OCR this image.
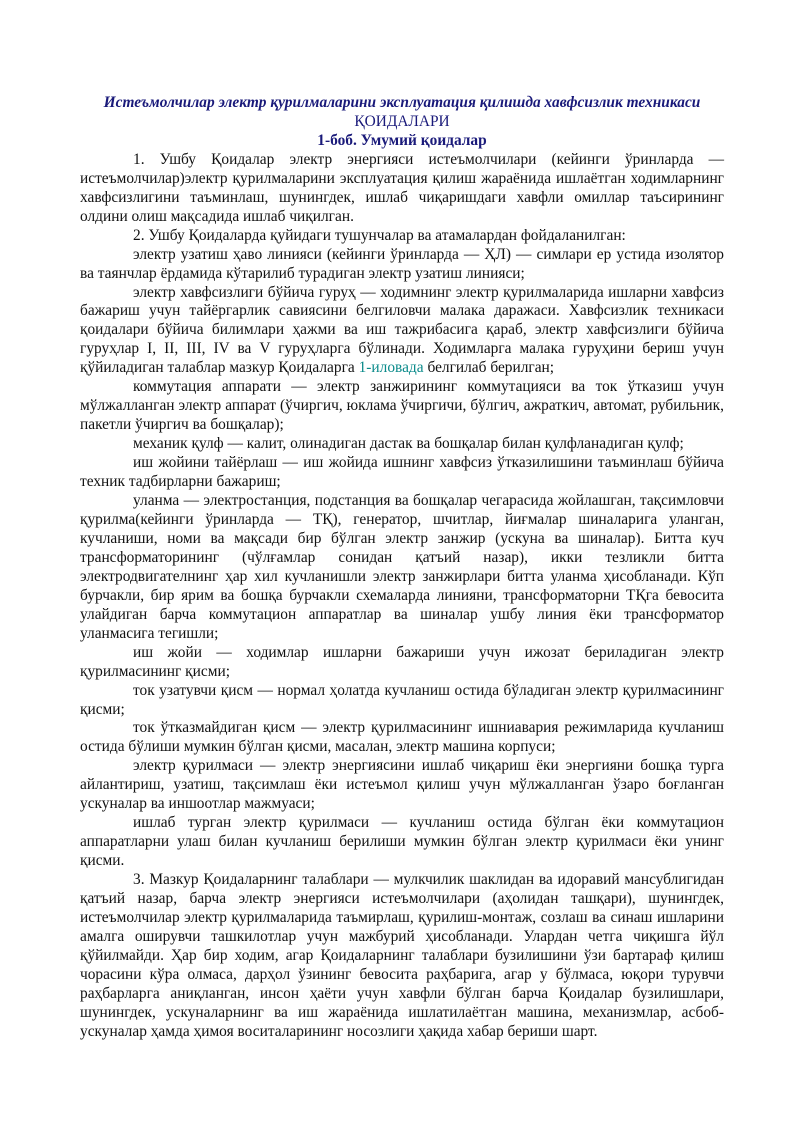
Истеъмолчилар электр қурилмаларини эксплуатация қилишда хавфсизлик техникаси
ҚОИДАЛАРИ
1-боб. Умумий қоидалар

1. Ушбу Қоидалар электр энергияси истеъмолчилари (кейинги ўринларда — истеъмолчилар)электр қурилмаларини эксплуатация қилиш жараёнида ишлаётган ходимларнинг хавфсизлигини таъминлаш, шунингдек, ишлаб чиқаришдаги хавфли омиллар таъсирининг олдини олиш мақсадида ишлаб чиқилган.

2. Ушбу Қоидаларда қуйидаги тушунчалар ва атамалардан фойдаланилган:

электр узатиш ҳаво линияси (кейинги ўринларда — ҲЛ) — симлари ер устида изолятор ва таянчлар ёрдамида кўтарилиб турадиган электр узатиш линияси;

электр хавфсизлиги бўйича гуруҳ — ходимнинг электр қурилмаларида ишларни хавфсиз бажариш учун тайёргарлик савиясини белгиловчи малака даражаси. Хавфсизлик техникаси қоидалари бўйича билимлари ҳажми ва иш тажрибасига қараб, электр хавфсизлиги бўйича гуруҳлар I, II, III, IV ва V гуруҳларга бўлинади. Ходимларга малака гуруҳини бериш учун қўйиладиган талаблар мазкур Қоидаларга 1-иловада белгилаб берилган;

коммутация аппарати — электр занжирининг коммутацияси ва ток ўтказиш учун мўлжалланган электр аппарат (ўчиргич, юклама ўчиргичи, бўлгич, ажраткич, автомат, рубильник, пакетли ўчиргич ва бошқалар);

механик қулф — калит, олинадиган дастак ва бошқалар билан қулфланадиган қулф;

иш жойини тайёрлаш — иш жойида ишнинг хавфсиз ўтказилишини таъминлаш бўйича техник тадбирларни бажариш;

уланма — электростанция, подстанция ва бошқалар чегарасида жойлашган, тақсимловчи қурилма(кейинги ўринларда — ТҚ), генератор, шчитлар, йиғмалар шиналарига уланган, кучланиши, номи ва мақсади бир бўлган электр занжир (ускуна ва шиналар). Битта куч трансформаторининг (чўлғамлар сонидан қатъий назар), икки тезликли битта электродвигателнинг ҳар хил кучланишли электр занжирлари битта уланма ҳисобланади. Кўп бурчакли, бир ярим ва бошқа бурчакли схемаларда линияни, трансформаторни ТҚга бевосита улайдиган барча коммутацион аппаратлар ва шиналар ушбу линия ёки трансформатор уланмасига тегишли;

иш жойи — ходимлар ишларни бажариши учун ижозат бериладиган электр қурилмасининг қисми;

ток узатувчи қисм — нормал ҳолатда кучланиш остида бўладиган электр қурилмасининг қисми;

ток ўтказмайдиган қисм — электр қурилмасининг ишниавария режимларида кучланиш остида бўлиши мумкин бўлган қисми, масалан, электр машина корпуси;

электр қурилмаси — электр энергиясини ишлаб чиқариш ёки энергияни бошқа турга айлантириш, узатиш, тақсимлаш ёки истеъмол қилиш учун мўлжалланган ўзаро боғланган ускуналар ва иншоотлар мажмуаси;

ишлаб турган электр қурилмаси — кучланиш остида бўлган ёки коммутацион аппаратларни улаш билан кучланиш берилиши мумкин бўлган электр қурилмаси ёки унинг қисми.

3. Мазкур Қоидаларнинг талаблари — мулкчилик шаклидан ва идоравий мансублигидан қатъий назар, барча электр энергияси истеъмолчилари (аҳолидан ташқари), шунингдек, истеъмолчилар электр қурилмаларида таъмирлаш, қурилиш-монтаж, созлаш ва синаш ишларини амалга оширувчи ташкилотлар учун мажбурий ҳисобланади. Улардан четга чиқишга йўл қўйилмайди. Ҳар бир ходим, агар Қоидаларнинг талаблари бузилишини ўзи бартараф қилиш чорасини кўра олмаса, дарҳол ўзининг бевосита раҳбарига, агар у бўлмаса, юқори турувчи раҳбарларга аниқланган, инсон ҳаёти учун хавфли бўлган барча Қоидалар бузилишлари, шунингдек, ускуналарнинг ва иш жараёнида ишлатилаётган машина, механизмлар, асбоб-ускуналар ҳамда ҳимоя воситаларининг носозлиги ҳақида хабар бериши шарт.
